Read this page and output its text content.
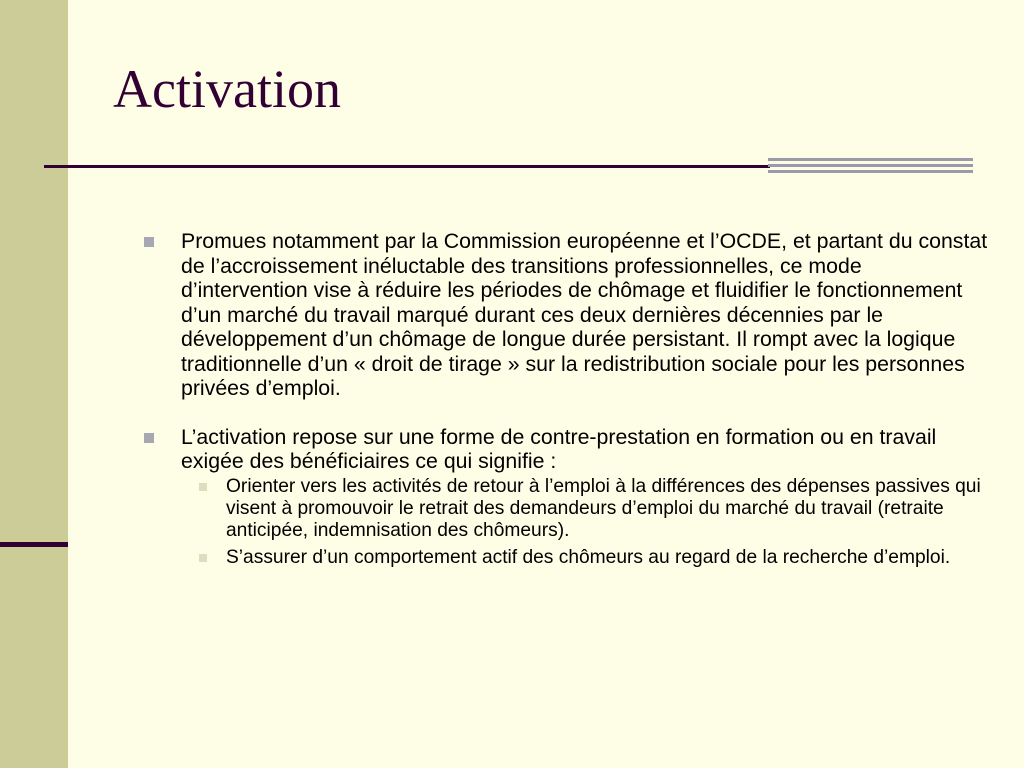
Activation
Promues notamment par la Commission européenne et l’OCDE, et partant du constat de l’accroissement inéluctable des transitions professionnelles, ce mode d’intervention vise à réduire les périodes de chômage et fluidifier le fonctionnement d’un marché du travail marqué durant ces deux dernières décennies par le développement d’un chômage de longue durée persistant. Il rompt avec la logique traditionnelle d’un « droit de tirage » sur la redistribution sociale pour les personnes privées d’emploi.
L’activation repose sur une forme de contre-prestation en formation ou en travail exigée des bénéficiaires ce qui signifie :
Orienter vers les activités de retour à l’emploi à la différences des dépenses passives qui visent à promouvoir le retrait des demandeurs d’emploi du marché du travail (retraite anticipée, indemnisation des chômeurs).
S’assurer d’un comportement actif des chômeurs au regard de la recherche d’emploi.
